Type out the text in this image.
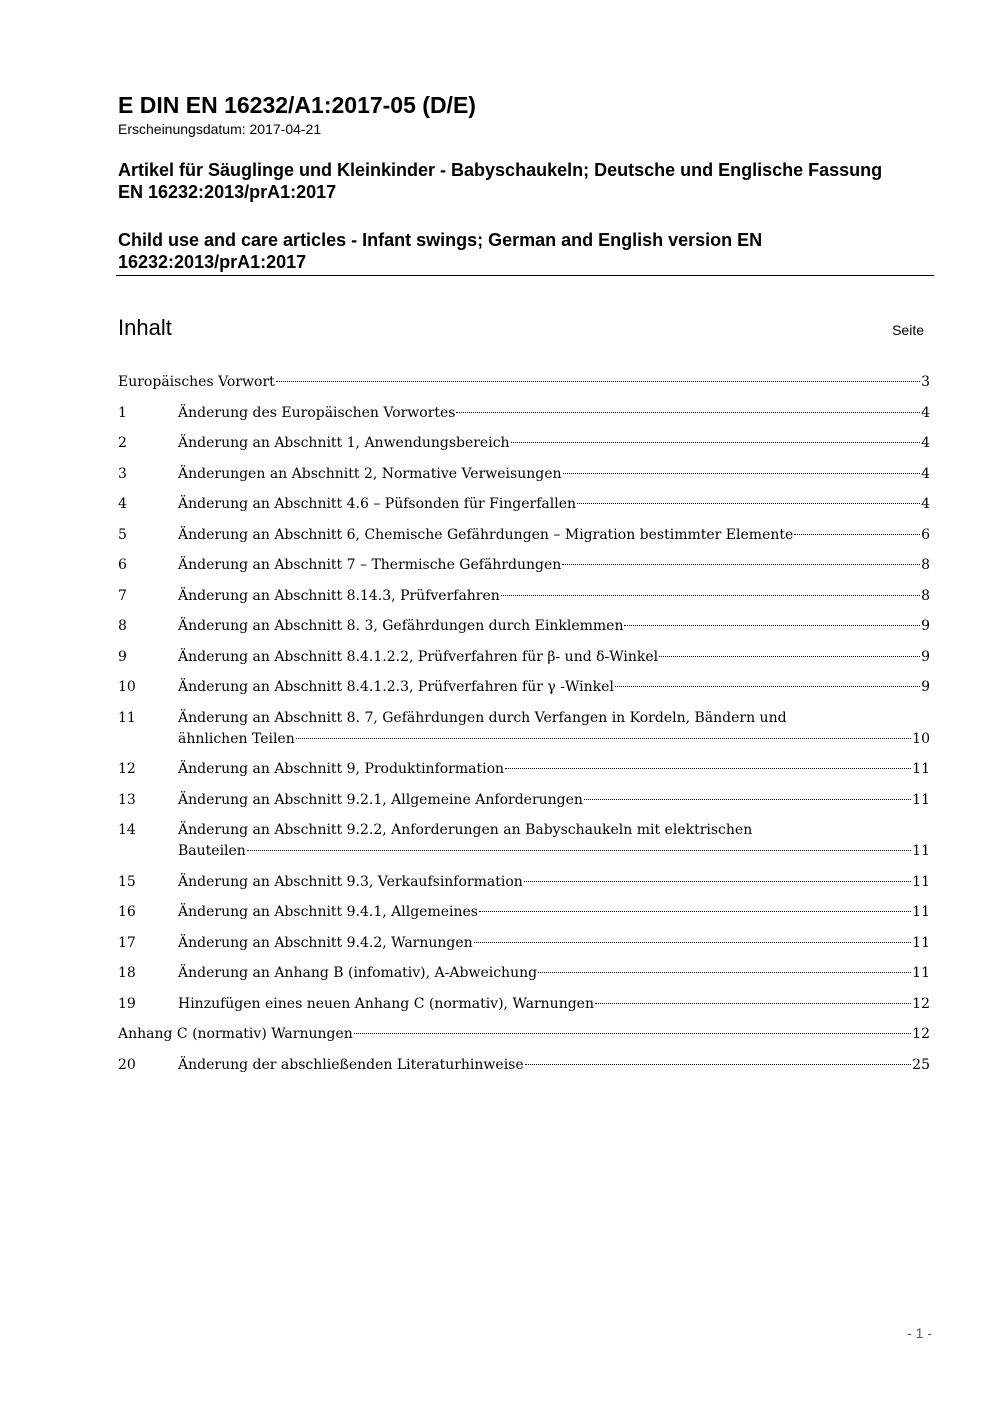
E DIN EN 16232/A1:2017-05 (D/E)
Erscheinungsdatum: 2017-04-21
Artikel für Säuglinge und Kleinkinder - Babyschaukeln; Deutsche und Englische Fassung EN 16232:2013/prA1:2017
Child use and care articles - Infant swings; German and English version EN 16232:2013/prA1:2017
Inhalt	Seite
Europäisches Vorwort	3
1	Änderung des Europäischen Vorwortes	4
2	Änderung an Abschnitt 1, Anwendungsbereich	4
3	Änderungen an Abschnitt 2, Normative Verweisungen	4
4	Änderung an Abschnitt 4.6 – Püfsonden für Fingerfallen	4
5	Änderung an Abschnitt 6, Chemische Gefährdungen – Migration bestimmter Elemente	6
6	Änderung an Abschnitt 7 – Thermische Gefährdungen	8
7	Änderung an Abschnitt 8.14.3, Prüfverfahren	8
8	Änderung an Abschnitt 8. 3, Gefährdungen durch Einklemmen	9
9	Änderung an Abschnitt 8.4.1.2.2, Prüfverfahren für β- und δ-Winkel	9
10	Änderung an Abschnitt 8.4.1.2.3, Prüfverfahren für γ -Winkel	9
11	Änderung an Abschnitt 8. 7, Gefährdungen durch Verfangen in Kordeln, Bändern und
ähnlichen Teilen	10
12	Änderung an Abschnitt 9, Produktinformation	11
13	Änderung an Abschnitt 9.2.1, Allgemeine Anforderungen	11
14	Änderung an Abschnitt 9.2.2, Anforderungen an Babyschaukeln mit elektrischen
Bauteilen	11
15	Änderung an Abschnitt 9.3, Verkaufsinformation	11
16	Änderung an Abschnitt 9.4.1, Allgemeines	11
17	Änderung an Abschnitt 9.4.2, Warnungen	11
18	Änderung an Anhang B (infomativ), A-Abweichung	11
19	Hinzufügen eines neuen Anhang C (normativ), Warnungen	12
Anhang C (normativ) Warnungen	12
20	Änderung der abschließenden Literaturhinweise	25
- 1 -
